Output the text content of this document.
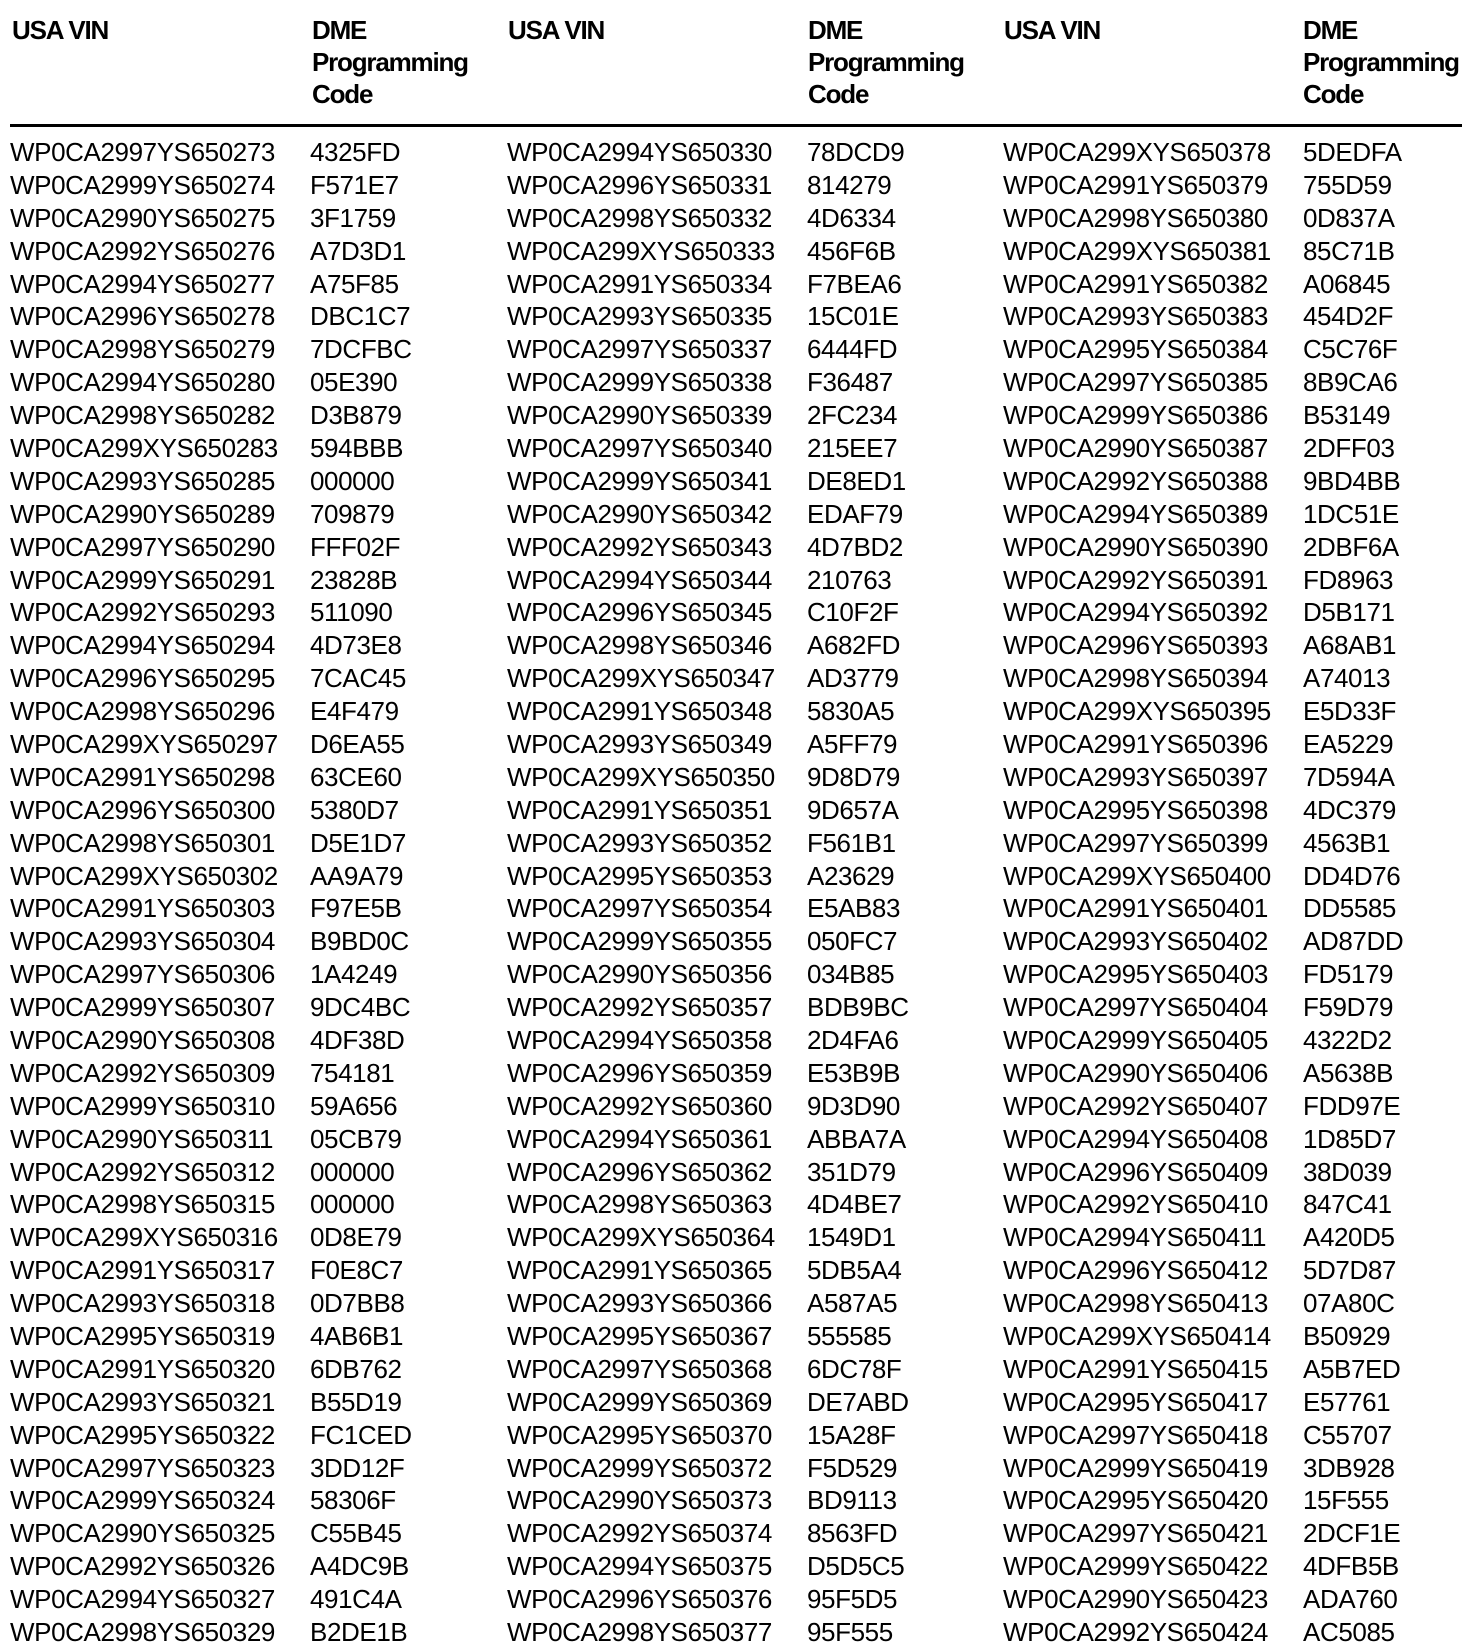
USA VIN	DME
Programming
Code
USA VIN	DME
Programming
Code
USA VIN	DME
Programming
Code
WP0CA2997YS650273	4325FD
WP0CA2999YS650274	F571E7
WP0CA2990YS650275	3F1759
WP0CA2992YS650276	A7D3D1
WP0CA2994YS650277	A75F85
WP0CA2996YS650278	DBC1C7
WP0CA2998YS650279	7DCFBC
WP0CA2994YS650280	05E390
WP0CA2998YS650282	D3B879
WP0CA299XYS650283	594BBB
WP0CA2993YS650285	000000
WP0CA2990YS650289	709879
WP0CA2997YS650290	FFF02F
WP0CA2999YS650291	23828B
WP0CA2992YS650293	511090
WP0CA2994YS650294	4D73E8
WP0CA2996YS650295	7CAC45
WP0CA2998YS650296	E4F479
WP0CA299XYS650297	D6EA55
WP0CA2991YS650298	63CE60
WP0CA2996YS650300	5380D7
WP0CA2998YS650301	D5E1D7
WP0CA299XYS650302	AA9A79
WP0CA2991YS650303	F97E5B
WP0CA2993YS650304	B9BD0C
WP0CA2997YS650306	1A4249
WP0CA2999YS650307	9DC4BC
WP0CA2990YS650308	4DF38D
WP0CA2992YS650309	754181
WP0CA2999YS650310	59A656
WP0CA2990YS650311	05CB79
WP0CA2992YS650312	000000
WP0CA2998YS650315	000000
WP0CA299XYS650316	0D8E79
WP0CA2991YS650317	F0E8C7
WP0CA2993YS650318	0D7BB8
WP0CA2995YS650319	4AB6B1
WP0CA2991YS650320	6DB762
WP0CA2993YS650321	B55D19
WP0CA2995YS650322	FC1CED
WP0CA2997YS650323	3DD12F
WP0CA2999YS650324	58306F
WP0CA2990YS650325	C55B45
WP0CA2992YS650326	A4DC9B
WP0CA2994YS650327	491C4A
WP0CA2998YS650329	B2DE1B
WP0CA2994YS650330	78DCD9
WP0CA2996YS650331	814279
WP0CA2998YS650332	4D6334
WP0CA299XYS650333	456F6B
WP0CA2991YS650334	F7BEA6
WP0CA2993YS650335	15C01E
WP0CA2997YS650337	6444FD
WP0CA2999YS650338	F36487
WP0CA2990YS650339	2FC234
WP0CA2997YS650340	215EE7
WP0CA2999YS650341	DE8ED1
WP0CA2990YS650342	EDAF79
WP0CA2992YS650343	4D7BD2
WP0CA2994YS650344	210763
WP0CA2996YS650345	C10F2F
WP0CA2998YS650346	A682FD
WP0CA299XYS650347	AD3779
WP0CA2991YS650348	5830A5
WP0CA2993YS650349	A5FF79
WP0CA299XYS650350	9D8D79
WP0CA2991YS650351	9D657A
WP0CA2993YS650352	F561B1
WP0CA2995YS650353	A23629
WP0CA2997YS650354	E5AB83
WP0CA2999YS650355	050FC7
WP0CA2990YS650356	034B85
WP0CA2992YS650357	BDB9BC
WP0CA2994YS650358	2D4FA6
WP0CA2996YS650359	E53B9B
WP0CA2992YS650360	9D3D90
WP0CA2994YS650361	ABBA7A
WP0CA2996YS650362	351D79
WP0CA2998YS650363	4D4BE7
WP0CA299XYS650364	1549D1
WP0CA2991YS650365	5DB5A4
WP0CA2993YS650366	A587A5
WP0CA2995YS650367	555585
WP0CA2997YS650368	6DC78F
WP0CA2999YS650369	DE7ABD
WP0CA2995YS650370	15A28F
WP0CA2999YS650372	F5D529
WP0CA2990YS650373	BD9113
WP0CA2992YS650374	8563FD
WP0CA2994YS650375	D5D5C5
WP0CA2996YS650376	95F5D5
WP0CA2998YS650377	95F555
WP0CA299XYS650378	5DEDFA
WP0CA2991YS650379	755D59
WP0CA2998YS650380	0D837A
WP0CA299XYS650381	85C71B
WP0CA2991YS650382	A06845
WP0CA2993YS650383	454D2F
WP0CA2995YS650384	C5C76F
WP0CA2997YS650385	8B9CA6
WP0CA2999YS650386	B53149
WP0CA2990YS650387	2DFF03
WP0CA2992YS650388	9BD4BB
WP0CA2994YS650389	1DC51E
WP0CA2990YS650390	2DBF6A
WP0CA2992YS650391	FD8963
WP0CA2994YS650392	D5B171
WP0CA2996YS650393	A68AB1
WP0CA2998YS650394	A74013
WP0CA299XYS650395	E5D33F
WP0CA2991YS650396	EA5229
WP0CA2993YS650397	7D594A
WP0CA2995YS650398	4DC379
WP0CA2997YS650399	4563B1
WP0CA299XYS650400	DD4D76
WP0CA2991YS650401	DD5585
WP0CA2993YS650402	AD87DD
WP0CA2995YS650403	FD5179
WP0CA2997YS650404	F59D79
WP0CA2999YS650405	4322D2
WP0CA2990YS650406	A5638B
WP0CA2992YS650407	FDD97E
WP0CA2994YS650408	1D85D7
WP0CA2996YS650409	38D039
WP0CA2992YS650410	847C41
WP0CA2994YS650411	A420D5
WP0CA2996YS650412	5D7D87
WP0CA2998YS650413	07A80C
WP0CA299XYS650414	B50929
WP0CA2991YS650415	A5B7ED
WP0CA2995YS650417	E57761
WP0CA2997YS650418	C55707
WP0CA2999YS650419	3DB928
WP0CA2995YS650420	15F555
WP0CA2997YS650421	2DCF1E
WP0CA2999YS650422	4DFB5B
WP0CA2990YS650423	ADA760
WP0CA2992YS650424	AC5085
